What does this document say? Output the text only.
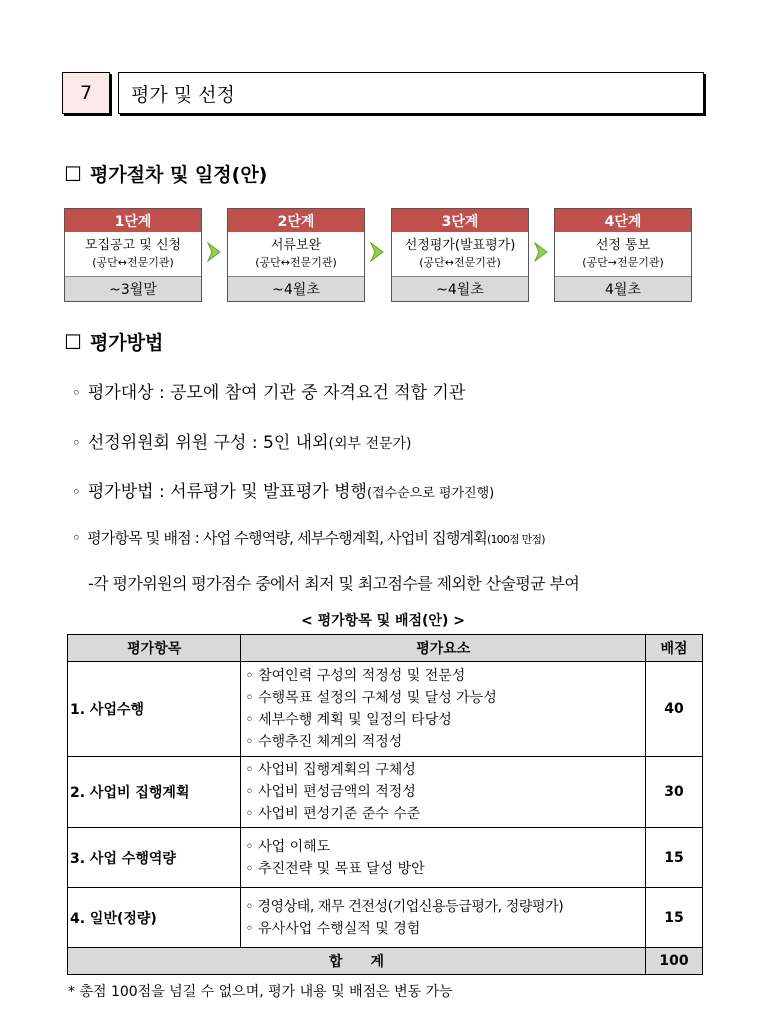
7	평가 및 선정
☐ 평가절차 및 일정(안)
1단계
모집공고 및 신청
(공단↔전문기관)
~3월말
2단계
서류보완
(공단↔전문기관)
~4월초
3단계
선정평가(발표평가)
(공단↔전문기관)
~4월초
4단계
선정 통보
(공단→전문기관)
4월초
☐ 평가방법
◦ 평가대상 : 공모에 참여 기관 중 자격요건 적합 기관
◦ 선정위원회 위원 구성 : 5인 내외 (외부 전문가)
◦ 평가방법 : 서류평가 및 발표평가 병행 (접수순으로 평가진행)
◦ 평가항목 및 배점 : 사업 수행역량, 세부수행계획, 사업비 집행계획 (100점 만점)
-각 평가위원의 평가점수 중에서 최저 및 최고점수를 제외한 산술평균 부여
< 평가항목 및 배점(안) >
평가항목	평가요소	배점
1. 사업수행	◦ 참여인력 구성의 적정성 및 전문성
◦ 수행목표 설정의 구체성 및 달성 가능성
◦ 세부수행 계획 및 일정의 타당성
◦ 수행추진 체계의 적정성	40
2. 사업비 집행계획	◦ 사업비 집행계획의 구체성
◦ 사업비 편성금액의 적정성
◦ 사업비 편성기준 준수 수준	30
3. 사업 수행역량	◦ 사업 이해도
◦ 추진전략 및 목표 달성 방안	15
4. 일반(정량)	◦ 경영상태, 재무 건전성(기업신용등급평가, 정량평가)
◦ 유사사업 수행실적 및 경험	15
합　　계		100
* 총점 100점을 넘길 수 없으며, 평가 내용 및 배점은 변동 가능
